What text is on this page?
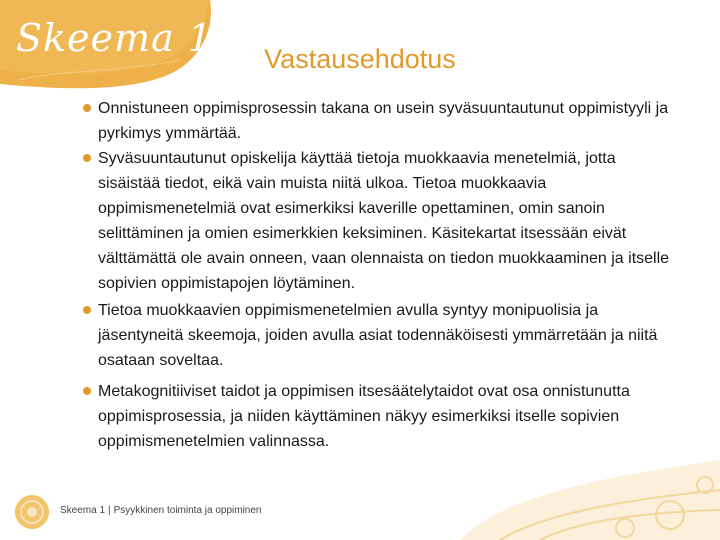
Skeema 1	Vastausehdotus
Onnistuneen oppimisprosessin takana on usein syväsuuntautunut oppimistyyli ja pyrkimys ymmärtää.
Syväsuuntautunut opiskelija käyttää tietoja muokkaavia menetelmiä, jotta sisäistää tiedot, eikä vain muista niitä ulkoa. Tietoa muokkaavia oppimismenetelmiä ovat esimerkiksi kaverille opettaminen, omin sanoin selittäminen ja omien esimerkkien keksiminen. Käsitekartat itsessään eivät välttämättä ole avain onneen, vaan olennaista on tiedon muokkaaminen ja itselle sopivien oppimistapojen löytäminen.
Tietoa muokkaavien oppimismenetelmien avulla syntyy monipuolisia ja jäsentyneitä skeemoja, joiden avulla asiat todennäköisesti ymmärretään ja niitä osataan soveltaa.
Metakognitiiviset taidot ja oppimisen itsesäätelytaidot ovat osa onnistunutta oppimisprosessia, ja niiden käyttäminen näkyy esimerkiksi itselle sopivien oppimismenetelmien valinnassa.
Skeema 1 | Psyykkinen toiminta ja oppiminen
